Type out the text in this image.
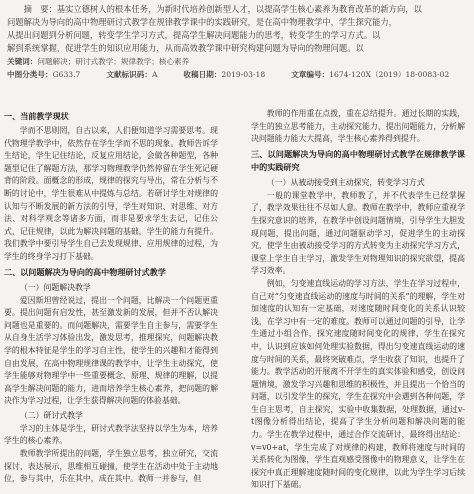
摘　要：基实立德树人的根本任务，为新时代培养创新型人才，以提高学生核心素养为教育改革的新方向，以

问题解决为导向的高中物理研讨式教学在规律教学课中的实践研究，是在高中物理教学中，学生探究能力，

从提出问题到分析问题，转变学生学习方式，提高学生解决问题能力的思考，转变学生的学习方式。以

解到系统掌握，促进学生的知识应用能力，从而高效教学课中研究构建问题为导向的物理问题。以

关键词：问题解决；研讨式教学；规律教学；核心素养

中图分类号：G633.7	文献标识码：A	收稿日期：2019-03-18	文章编号：1674-120X（2019）18-0083-02

一、当前教学现状

学而不思则罔，自古以来，人们便知道学习需要思考。现代物理学教学中，依然存在学生学而不思的现象。教师告诉学生结论，学生记住结论，反复应用结论，会做各种题型，各种题型记住了解题方法，那学习物理教学仍然停留在学生死记硬背的阶段。面概念的形成，规律的探究与导出，常在分析与不断的讨论中，学生很难从中提炼与总结。若研讨学生对规律的认知与不断发展的新方法的引导，学生对知识、对思维、对方法、对科学观念等诸多方面，而非是要求学生去记，记住公式、记住规律，以此为解决问题的基础，学生的能力有提升。我们教学中要引导学生自己去发现规律、应用规律的过程，为学生的终身学习打下基础。

二、以问题解决为导向的高中物理研讨式教学

（一）问题解决教学

爱因斯坦曾经说过，提出一个问题，比解决一个问题更重要。提出问题有启发性，甚至激发新的发展，但并不否认解决问题也是重要的。而问题解决，需要学生自主参与，需要学生从自身生活学习体验出发，激发思考，推理探究，问题解决教学的根本特征是学生的学习自主性，使学生的兴趣和才能得到自由发展，在高中物理规律课的教学中，让学生主动探究，使学生能够对物理学中一些重要概念、原理、规律的理解，以提高学生解决问题的能力，进而培养学生核心素养，把问题的解决作为学习过程，让学生获得解决问题的体验基础。

（二）研讨式教学

学习的主体是学生，研讨式教学法坚持以学生为本，培养学生的核心素养。

教师教学所提出的问题，学生独立思考，独立研究，交流探讨，表达展示，思维相互碰撞，使学生在活动中处于主动地位，参与其中，乐在其中，成在其中。教师一并参与，但

教师的作用重在点拨，重在总结提升。通过长期的实践，学生的独立思考能力，主动探究能力，提出问题能力，分析解决问题能力能大大提高，学生核心素养得到提升。

三、以问题解决为导向的高中物理研讨式教学在规律教学课中的实践研究

（一）从被动接受到主动探究，转变学习方式

一般的课堂教学中，教师教了，并不代表学生已经掌握了，教学效果往往不尽如人意。教师在教学中，教师应重视学生探究意识的培养，在教学中创设问题情境，引导学生大胆发现问题，提出问题，通过问题驱动学习，促进学生的主动探究，使学生由被动接受学习的方式转变为主动探究学习方式，课堂上学生自主学习，激发学生对物理知识的探究欲望，提高学习效率。

例如，匀变速直线运动的学习方法，学生在学习过程中，自己对“匀变速直线运动的速度与时间的关系”的理解，学生对加速度的认知有一定基础，对速度随时间变化的关系认识较浅，在学习中有一定的难度。教师可以通过问题的引导，让学生通过小组合作，探究速度随时间变化的规律，学生在探究中，认识到应该如何处理实验数据，得出匀变速直线运动的速度与时间的关系，最终突破难点，学生收获了知识，也提升了能力。教学活动的开展离不开学生的真实体验和感受，创设问题情境，激发学习兴趣和思维的积极性，并且提出一个恰当的问题，以引发学生的探究，学生在探究中会遇到各种问题，学生自主思考，自主探究，实验中收集数据，处理数据，通过v-t图像分析得出结论，提高了学生分析问题和解决问题的能力。学生在教学过程中，通过合作交流研讨，最终得出结论：v=v0+at，学生完成了对规律的构建，教师将速度与时间的关系转化为图像，学生直观感受图像中的物理意义，让学生在探究中真正理解速度随时间的变化规律，以此为学生学习后续知识打下基础。
